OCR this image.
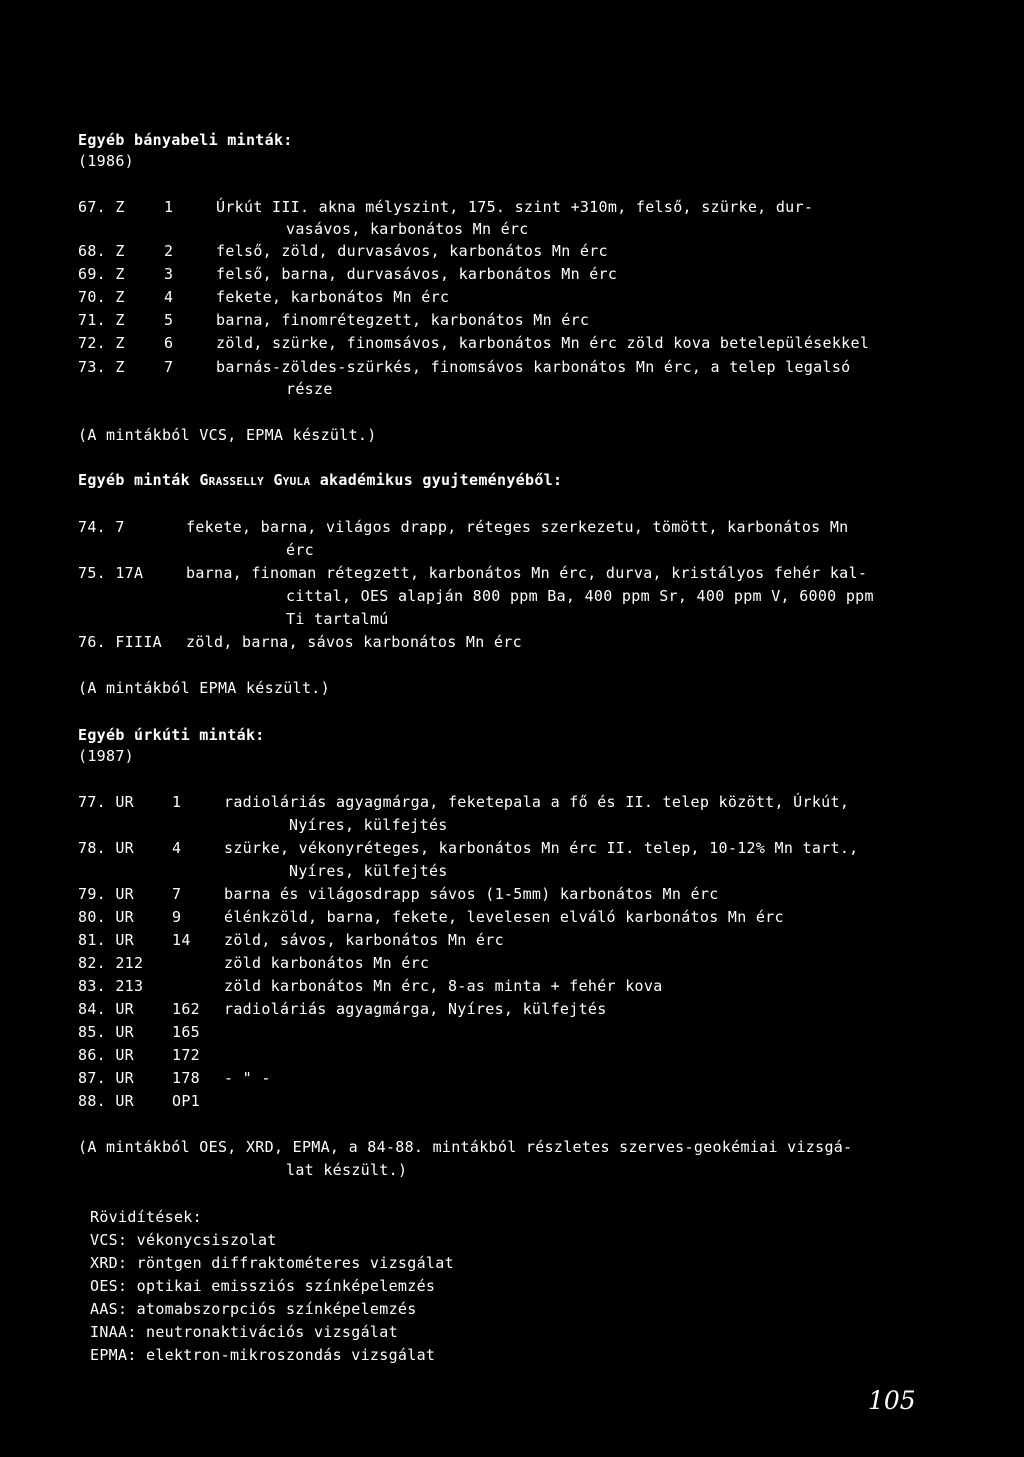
Egyéb bányabeli minták:
(1986)
67. Z	1	Úrkút III. akna mélyszint, 175. szint +310m, felső, szürke, dur-
vasávos, karbonátos Mn érc
68. Z	2	felső, zöld, durvasávos, karbonátos Mn érc
69. Z	3	felső, barna, durvasávos, karbonátos Mn érc
70. Z	4	fekete, karbonátos Mn érc
71. Z	5	barna, finomrétegzett, karbonátos Mn érc
72. Z	6	zöld, szürke, finomsávos, karbonátos Mn érc zöld kova betelepülésekkel
73. Z	7	barnás-zöldes-szürkés, finomsávos karbonátos Mn érc, a telep legalsó
része
(A mintákból VCS, EPMA készült.)
Egyéb minták Grasselly Gyula akadémikus gyujteményéből:
74. 7	fekete, barna, világos drapp, réteges szerkezetu, tömött, karbonátos Mn
érc
75. 17A	barna, finoman rétegzett, karbonátos Mn érc, durva, kristályos fehér kal-
cittal, OES alapján 800 ppm Ba, 400 ppm Sr, 400 ppm V, 6000 ppm
Ti tartalmú
76. FIIIA zöld, barna, sávos karbonátos Mn érc
(A mintákból EPMA készült.)
Egyéb úrkúti minták:
(1987)
77. UR	1	radioláriás agyagmárga, feketepala a fő és II. telep között, Úrkút,
Nyíres, külfejtés
78. UR	4	szürke, vékonyréteges, karbonátos Mn érc II. telep, 10-12% Mn tart.,
Nyíres, külfejtés
79. UR	7	barna és világosdrapp sávos (1-5mm) karbonátos Mn érc
80. UR	9	élénkzöld, barna, fekete, levelesen elváló karbonátos Mn érc
81. UR	14 zöld, sávos, karbonátos Mn érc
82. 212	zöld karbonátos Mn érc
83. 213	zöld karbonátos Mn érc, 8-as minta + fehér kova
84. UR	162 radioláriás agyagmárga, Nyíres, külfejtés
85. UR	165
86. UR	172
87. UR	178 - " -
88. UR	OP1
(A mintákból OES, XRD, EPMA, a 84-88. mintákból részletes szerves-geokémiai vizsgá-
lat készült.)
Rövidítések:
VCS: vékonycsiszolat
XRD: röntgen diffraktométeres vizsgálat
OES: optikai emissziós színképelemzés
AAS: atomabszorpciós színképelemzés
INAA: neutronaktivációs vizsgálat
EPMA: elektron-mikroszondás vizsgálat
105
